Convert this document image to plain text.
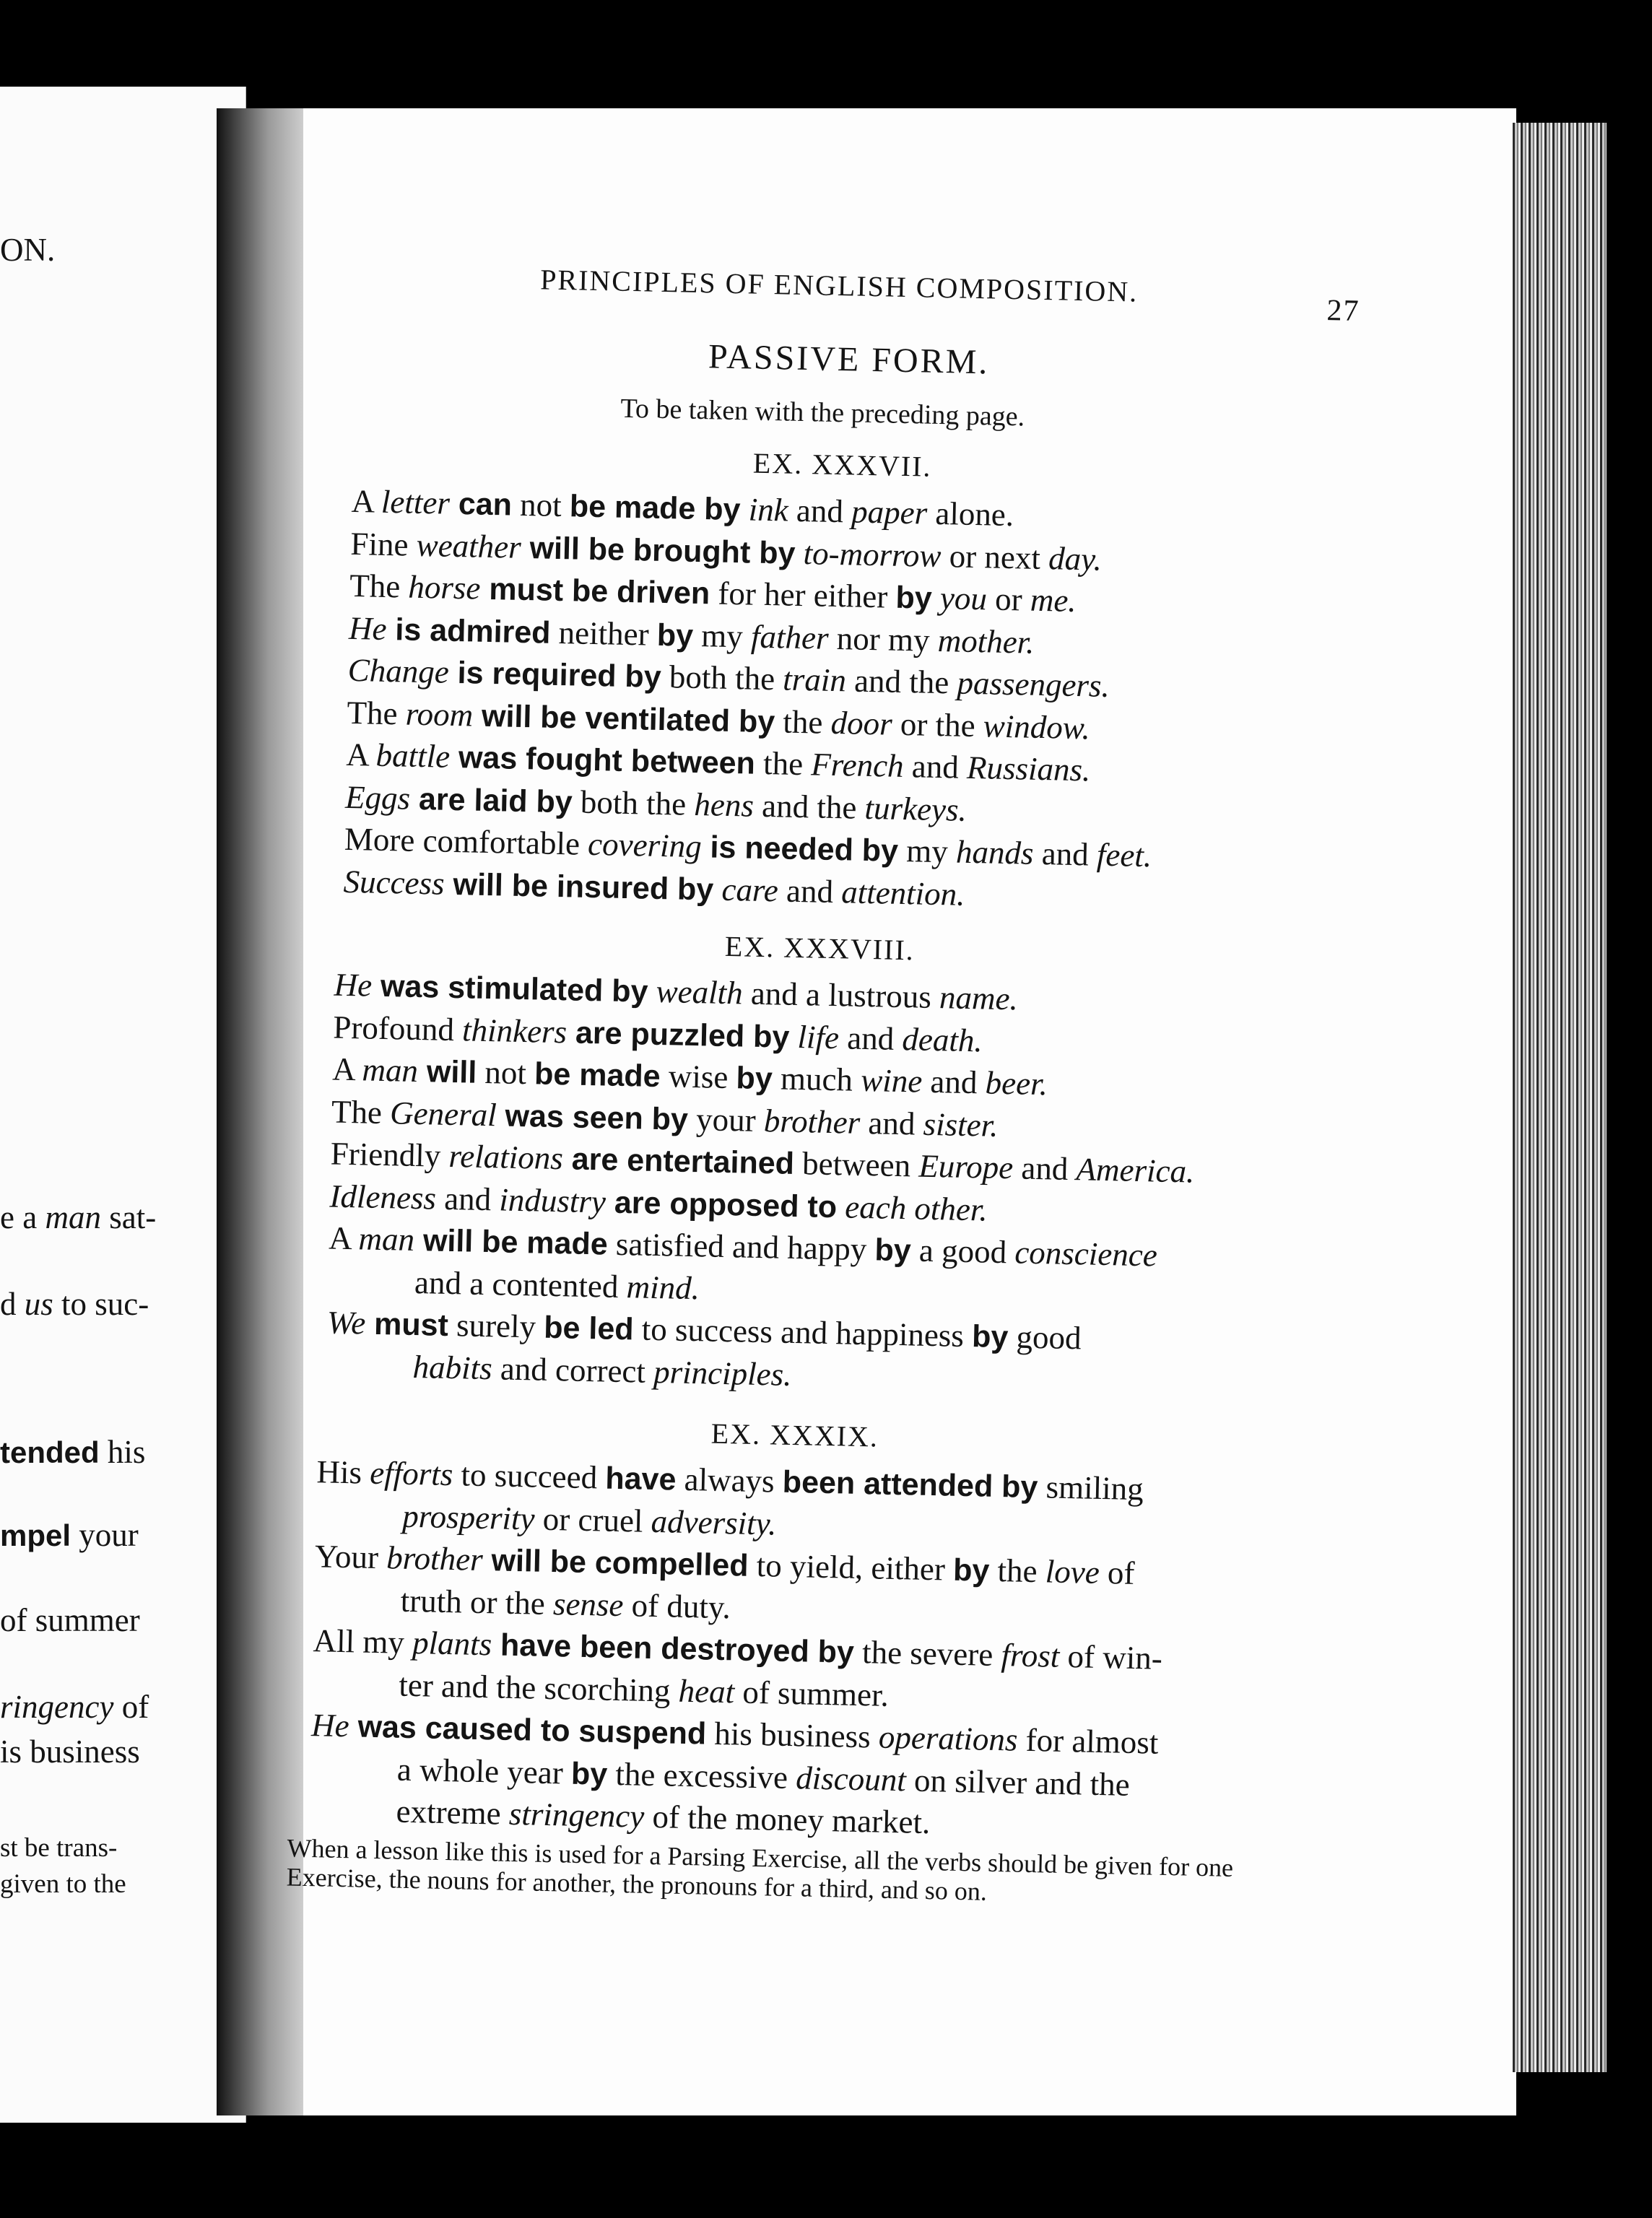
ON.
e a man sat-
d us to suc-
tended his
mpel your
of summer
ringency of
is business
st be trans-
given to the
PRINCIPLES OF ENGLISH COMPOSITION.
27
PASSIVE FORM.
To be taken with the preceding page.
EX. XXXVII.
A letter can not be made by ink and paper alone.
Fine weather will be brought by to-morrow or next day.
The horse must be driven for her either by you or me.
He is admired neither by my father nor my mother.
Change is required by both the train and the passengers.
The room will be ventilated by the door or the window.
A battle was fought between the French and Russians.
Eggs are laid by both the hens and the turkeys.
More comfortable covering is needed by my hands and feet.
Success will be insured by care and attention.
EX. XXXVIII.
He was stimulated by wealth and a lustrous name.
Profound thinkers are puzzled by life and death.
A man will not be made wise by much wine and beer.
The General was seen by your brother and sister.
Friendly relations are entertained between Europe and America.
Idleness and industry are opposed to each other.
A man will be made satisfied and happy by a good conscience
and a contented mind.
We must surely be led to success and happiness by good
habits and correct principles.
EX. XXXIX.
His efforts to succeed have always been attended by smiling
prosperity or cruel adversity.
Your brother will be compelled to yield, either by the love of
truth or the sense of duty.
All my plants have been destroyed by the severe frost of win-
ter and the scorching heat of summer.
He was caused to suspend his business operations for almost
a whole year by the excessive discount on silver and the
extreme stringency of the money market.
When a lesson like this is used for a Parsing Exercise, all the verbs should be given for one Exercise, the nouns for another, the pronouns for a third, and so on.
